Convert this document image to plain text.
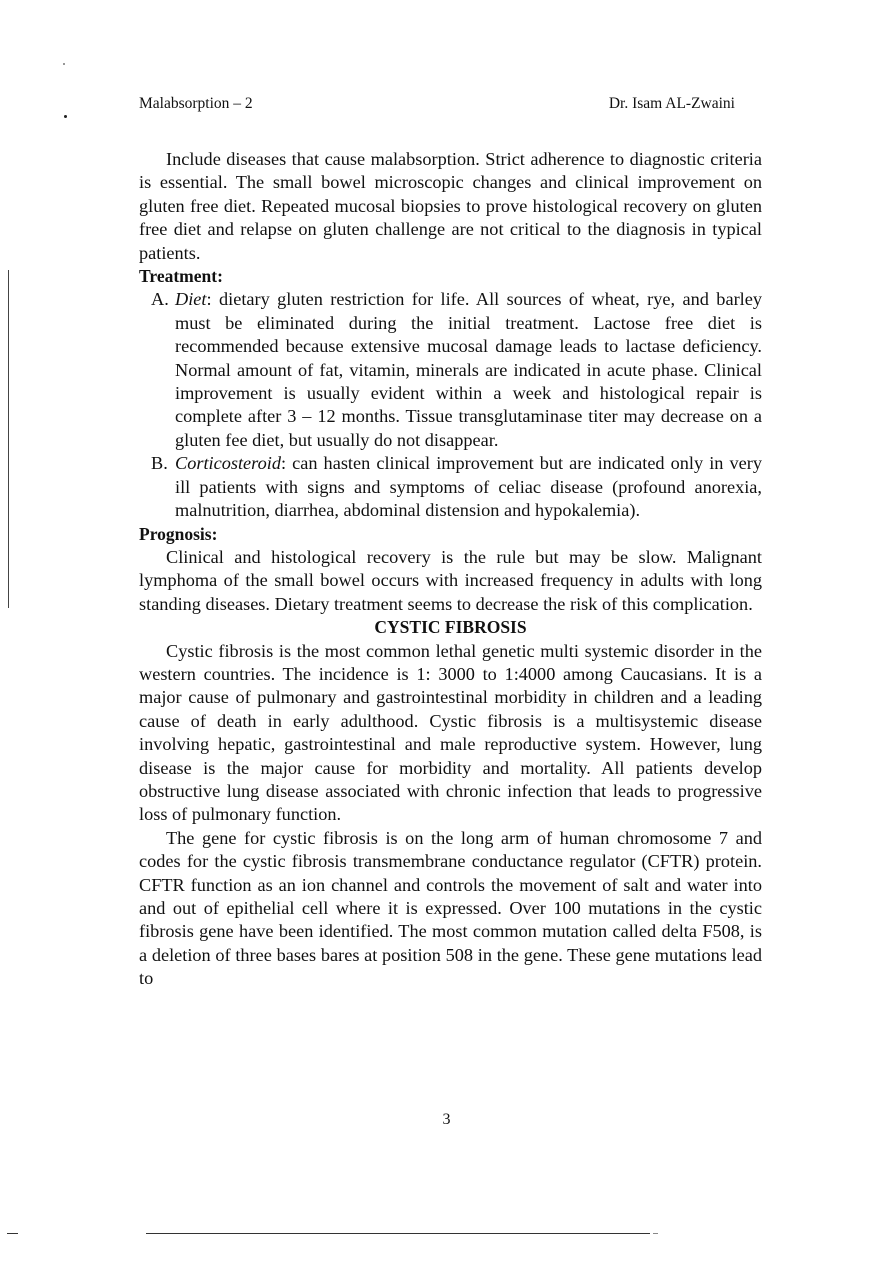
Malabsorption – 2	Dr. Isam AL-Zwaini

Include diseases that cause malabsorption. Strict adherence to diagnostic criteria is essential. The small bowel microscopic changes and clinical improvement on gluten free diet. Repeated mucosal biopsies to prove histological recovery on gluten free diet and relapse on gluten challenge are not critical to the diagnosis in typical patients.

Treatment:
A. Diet: dietary gluten restriction for life. All sources of wheat, rye, and barley must be eliminated during the initial treatment. Lactose free diet is recommended because extensive mucosal damage leads to lactase deficiency. Normal amount of fat, vitamin, minerals are indicated in acute phase. Clinical improvement is usually evident within a week and histological repair is complete after 3 – 12 months. Tissue transglutaminase titer may decrease on a gluten fee diet, but usually do not disappear.
B. Corticosteroid: can hasten clinical improvement but are indicated only in very ill patients with signs and symptoms of celiac disease (profound anorexia, malnutrition, diarrhea, abdominal distension and hypokalemia).
Prognosis:

Clinical and histological recovery is the rule but may be slow. Malignant lymphoma of the small bowel occurs with increased frequency in adults with long standing diseases. Dietary treatment seems to decrease the risk of this complication.

CYSTIC FIBROSIS

Cystic fibrosis is the most common lethal genetic multi systemic disorder in the western countries. The incidence is 1: 3000 to 1:4000 among Caucasians. It is a major cause of pulmonary and gastrointestinal morbidity in children and a leading cause of death in early adulthood. Cystic fibrosis is a multisystemic disease involving hepatic, gastrointestinal and male reproductive system. However, lung disease is the major cause for morbidity and mortality. All patients develop obstructive lung disease associated with chronic infection that leads to progressive loss of pulmonary function.

The gene for cystic fibrosis is on the long arm of human chromosome 7 and codes for the cystic fibrosis transmembrane conductance regulator (CFTR) protein. CFTR function as an ion channel and controls the movement of salt and water into and out of epithelial cell where it is expressed. Over 100 mutations in the cystic fibrosis gene have been identified. The most common mutation called delta F508, is a deletion of three bases bares at position 508 in the gene. These gene mutations lead to

3
